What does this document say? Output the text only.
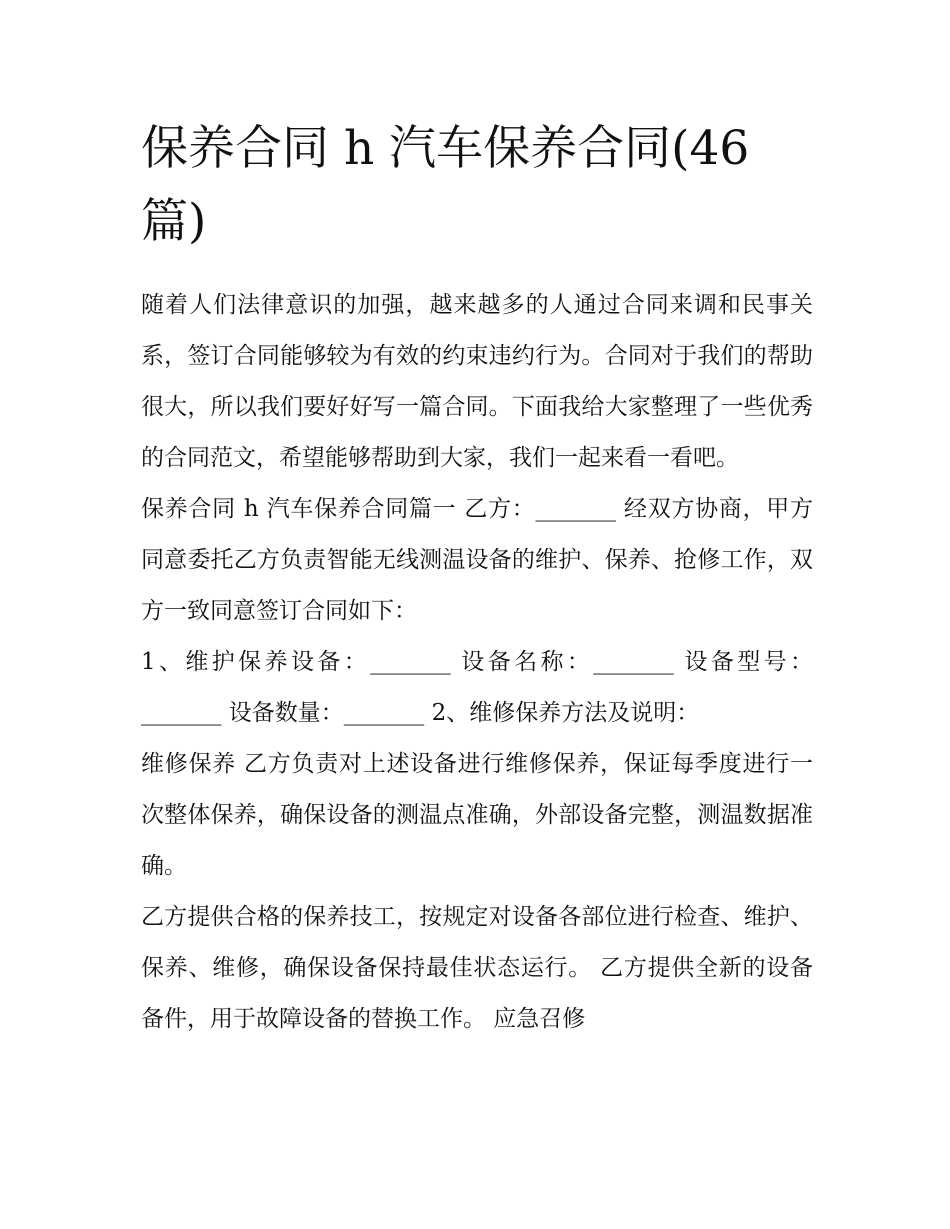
保养合同 h 汽车保养合同(46 篇)

随着人们法律意识的加强，越来越多的人通过合同来调和民事关系，签订合同能够较为有效的约束违约行为。合同对于我们的帮助很大，所以我们要好好写一篇合同。下面我给大家整理了一些优秀的合同范文，希望能够帮助到大家，我们一起来看一看吧。

保养合同 h 汽车保养合同篇一 乙方：_______ 经双方协商，甲方同意委托乙方负责智能无线测温设备的维护、保养、抢修工作，双方一致同意签订合同如下：

1、维护保养设备：_______ 设备名称：_______ 设备型号：_______ 设备数量：_______ 2、维修保养方法及说明：

维修保养 乙方负责对上述设备进行维修保养，保证每季度进行一次整体保养，确保设备的测温点准确，外部设备完整，测温数据准确。

乙方提供合格的保养技工，按规定对设备各部位进行检查、维护、保养、维修，确保设备保持最佳状态运行。 乙方提供全新的设备备件，用于故障设备的替换工作。 应急召修
